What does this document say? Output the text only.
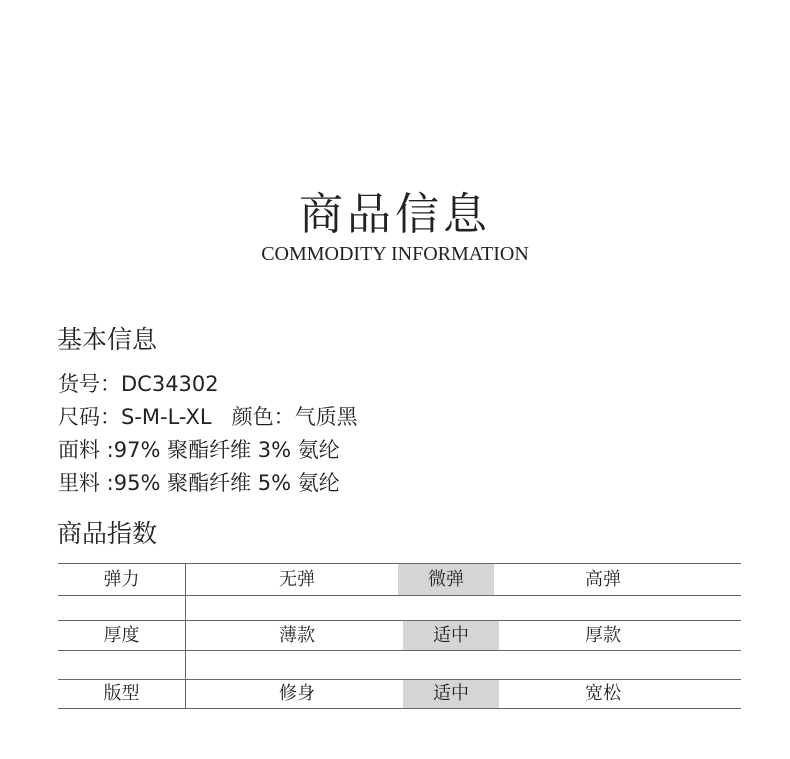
商品信息
COMMODITY INFORMATION
基本信息
货号：DC34302
尺码：S-M-L-XL   颜色：气质黑
面料 :97% 聚酯纤维 3% 氨纶
里料 :95% 聚酯纤维 5% 氨纶
商品指数
弹力	无弹	微弹	高弹
厚度	薄款	适中	厚款
版型	修身	适中	宽松
